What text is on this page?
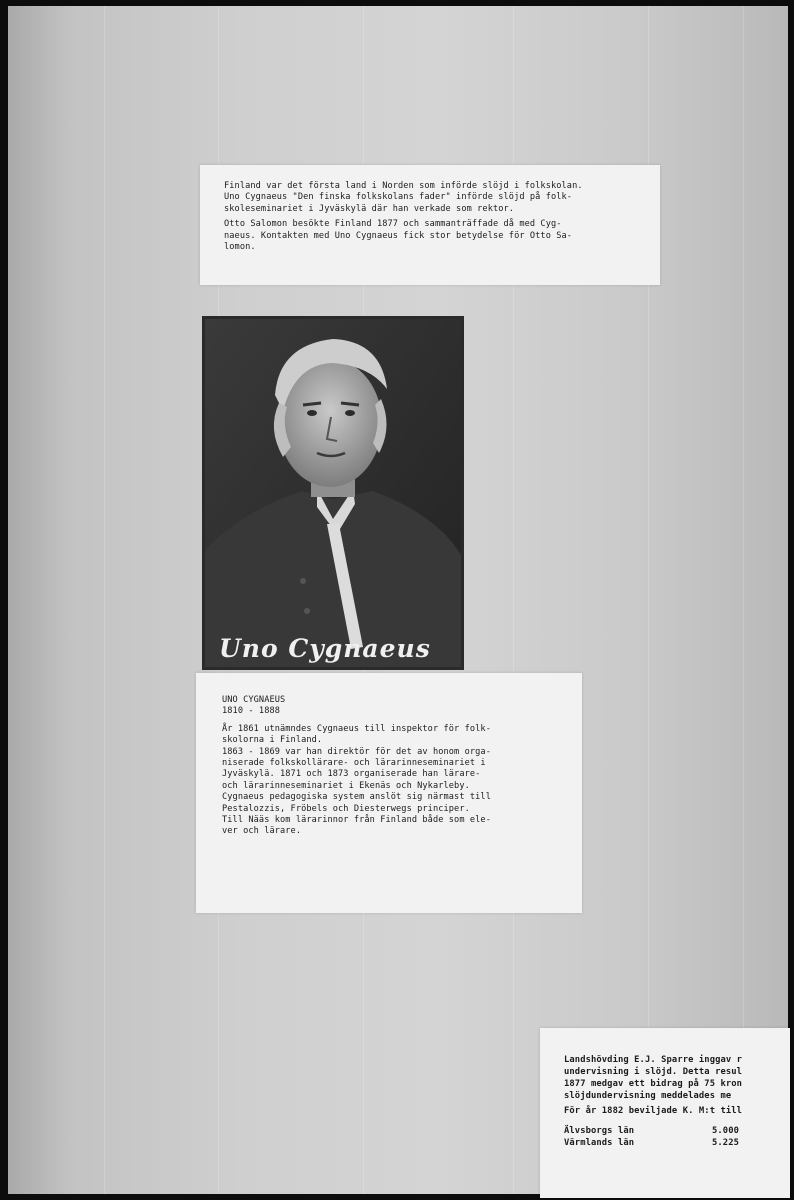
Finland var det första land i Norden som införde slöjd i folkskolan.
Uno Cygnaeus "Den finska folkskolans fader" införde slöjd på folk-
skoleseminariet i Jyväskylä där han verkade som rektor.

Otto Salomon besökte Finland 1877 och sammanträffade då med Cyg-
naeus. Kontakten med Uno Cygnaeus fick stor betydelse för Otto Sa-
lomon.

Uno Cygnaeus

UNO CYGNAEUS

1810 - 1888

År 1861 utnämndes Cygnaeus till inspektor för folk-
skolorna i Finland.
1863 - 1869 var han direktör för det av honom orga-
niserade folkskollärare- och lärarinneseminariet i
Jyväskylä. 1871 och 1873 organiserade han lärare-
och lärarinneseminariet i Ekenäs och Nykarleby.
Cygnaeus pedagogiska system anslöt sig närmast till
Pestalozzis, Fröbels och Diesterwegs principer.
Till Nääs kom lärarinnor från Finland både som ele-
ver och lärare.

Landshövding E.J. Sparre inggav r
undervisning i slöjd. Detta resul
1877 medgav ett bidrag på 75 kron
slöjdundervisning meddelades me
För år 1882 beviljade K. M:t till
Älvsborgs län	5.000
Värmlands län	5.225
